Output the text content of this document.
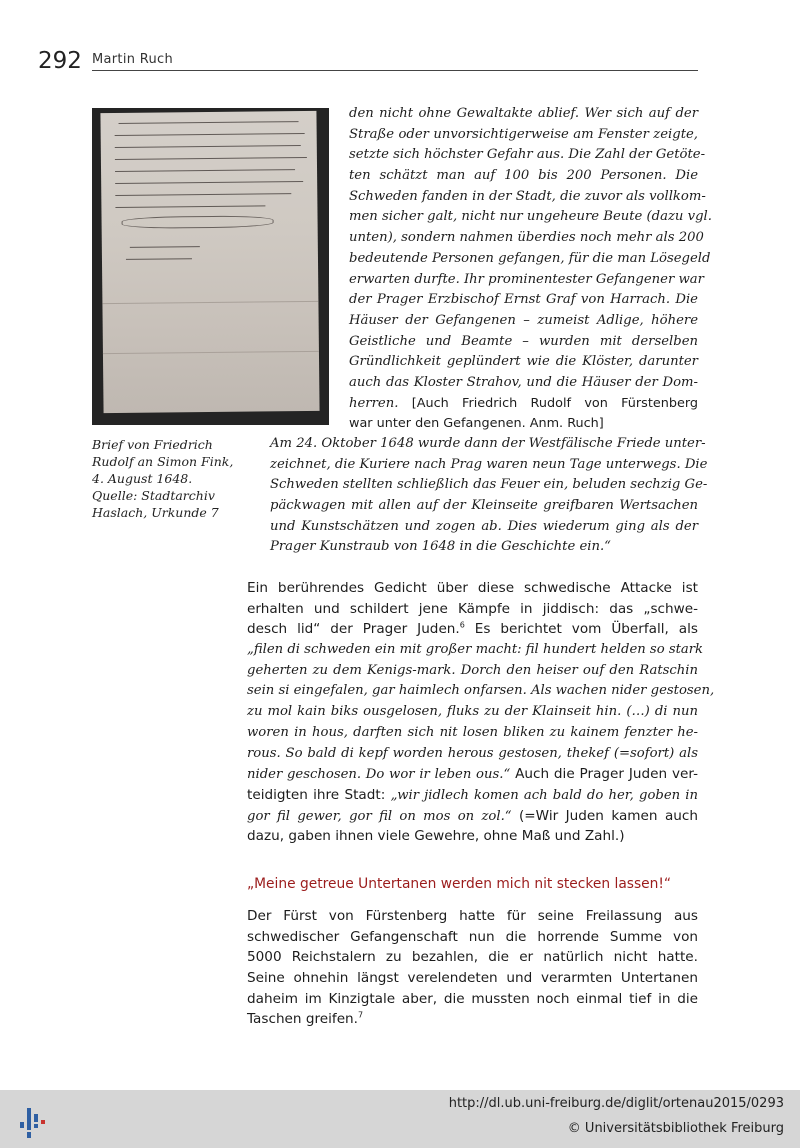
292 Martin Ruch
Brief von Friedrich
Rudolf an Simon Fink,
4. August 1648.
Quelle: Stadtarchiv
Haslach, Urkunde 7
den nicht ohne Gewaltakte ablief. Wer sich auf der
Straße oder unvorsichtigerweise am Fenster zeigte,
setzte sich höchster Gefahr aus. Die Zahl der Getöte-
ten schätzt man auf 100 bis 200 Personen. Die
Schweden fanden in der Stadt, die zuvor als vollkom-
men sicher galt, nicht nur ungeheure Beute (dazu vgl.
unten), sondern nahmen überdies noch mehr als 200
bedeutende Personen gefangen, für die man Lösegeld
erwarten durfte. Ihr prominentester Gefangener war
der Prager Erzbischof Ernst Graf von Harrach. Die
Häuser der Gefangenen – zumeist Adlige, höhere
Geistliche und Beamte – wurden mit derselben
Gründlichkeit geplündert wie die Klöster, darunter
auch das Kloster Strahov, und die Häuser der Dom-
herren. [Auch Friedrich Rudolf von Fürstenberg
war unter den Gefangenen. Anm. Ruch]
Am 24. Oktober 1648 wurde dann der Westfälische Friede unter-
zeichnet, die Kuriere nach Prag waren neun Tage unterwegs. Die
Schweden stellten schließlich das Feuer ein, beluden sechzig Ge-
päckwagen mit allen auf der Kleinseite greifbaren Wertsachen
und Kunstschätzen und zogen ab. Dies wiederum ging als der
Prager Kunstraub von 1648 in die Geschichte ein.“
Ein berührendes Gedicht über diese schwedische Attacke ist
erhalten und schildert jene Kämpfe in jiddisch: das „schwe-
desch lid“ der Prager Juden.$^6$ Es berichtet vom Überfall, als
„filen di schweden ein mit großer macht: fil hundert helden so stark
geherten zu dem Kenigs-mark. Dorch den heiser ouf den Ratschin
sein si eingefalen, gar haimlech onfarsen. Als wachen nider gestosen,
zu mol kain biks ousgelosen, fluks zu der Klainseit hin. (…) di nun
woren in hous, darften sich nit losen bliken zu kainem fenzter he-
rous. So bald di kepf worden herous gestosen, thekef (=sofort) als
nider geschosen. Do wor ir leben ous.“ Auch die Prager Juden ver-
teidigten ihre Stadt: „wir jidlech komen ach bald do her, goben in
gor fil gewer, gor fil on mos on zol.“ (=Wir Juden kamen auch
dazu, gaben ihnen viele Gewehre, ohne Maß und Zahl.)
„Meine getreue Untertanen werden mich nit stecken lassen!“
Der Fürst von Fürstenberg hatte für seine Freilassung aus
schwedischer Gefangenschaft nun die horrende Summe von
5000 Reichstalern zu bezahlen, die er natürlich nicht hatte.
Seine ohnehin längst verelendeten und verarmten Untertanen
daheim im Kinzigtale aber, die mussten noch einmal tief in die
Taschen greifen.$^7$
http://dl.ub.uni-freiburg.de/diglit/ortenau2015/0293
© Universitätsbibliothek Freiburg
